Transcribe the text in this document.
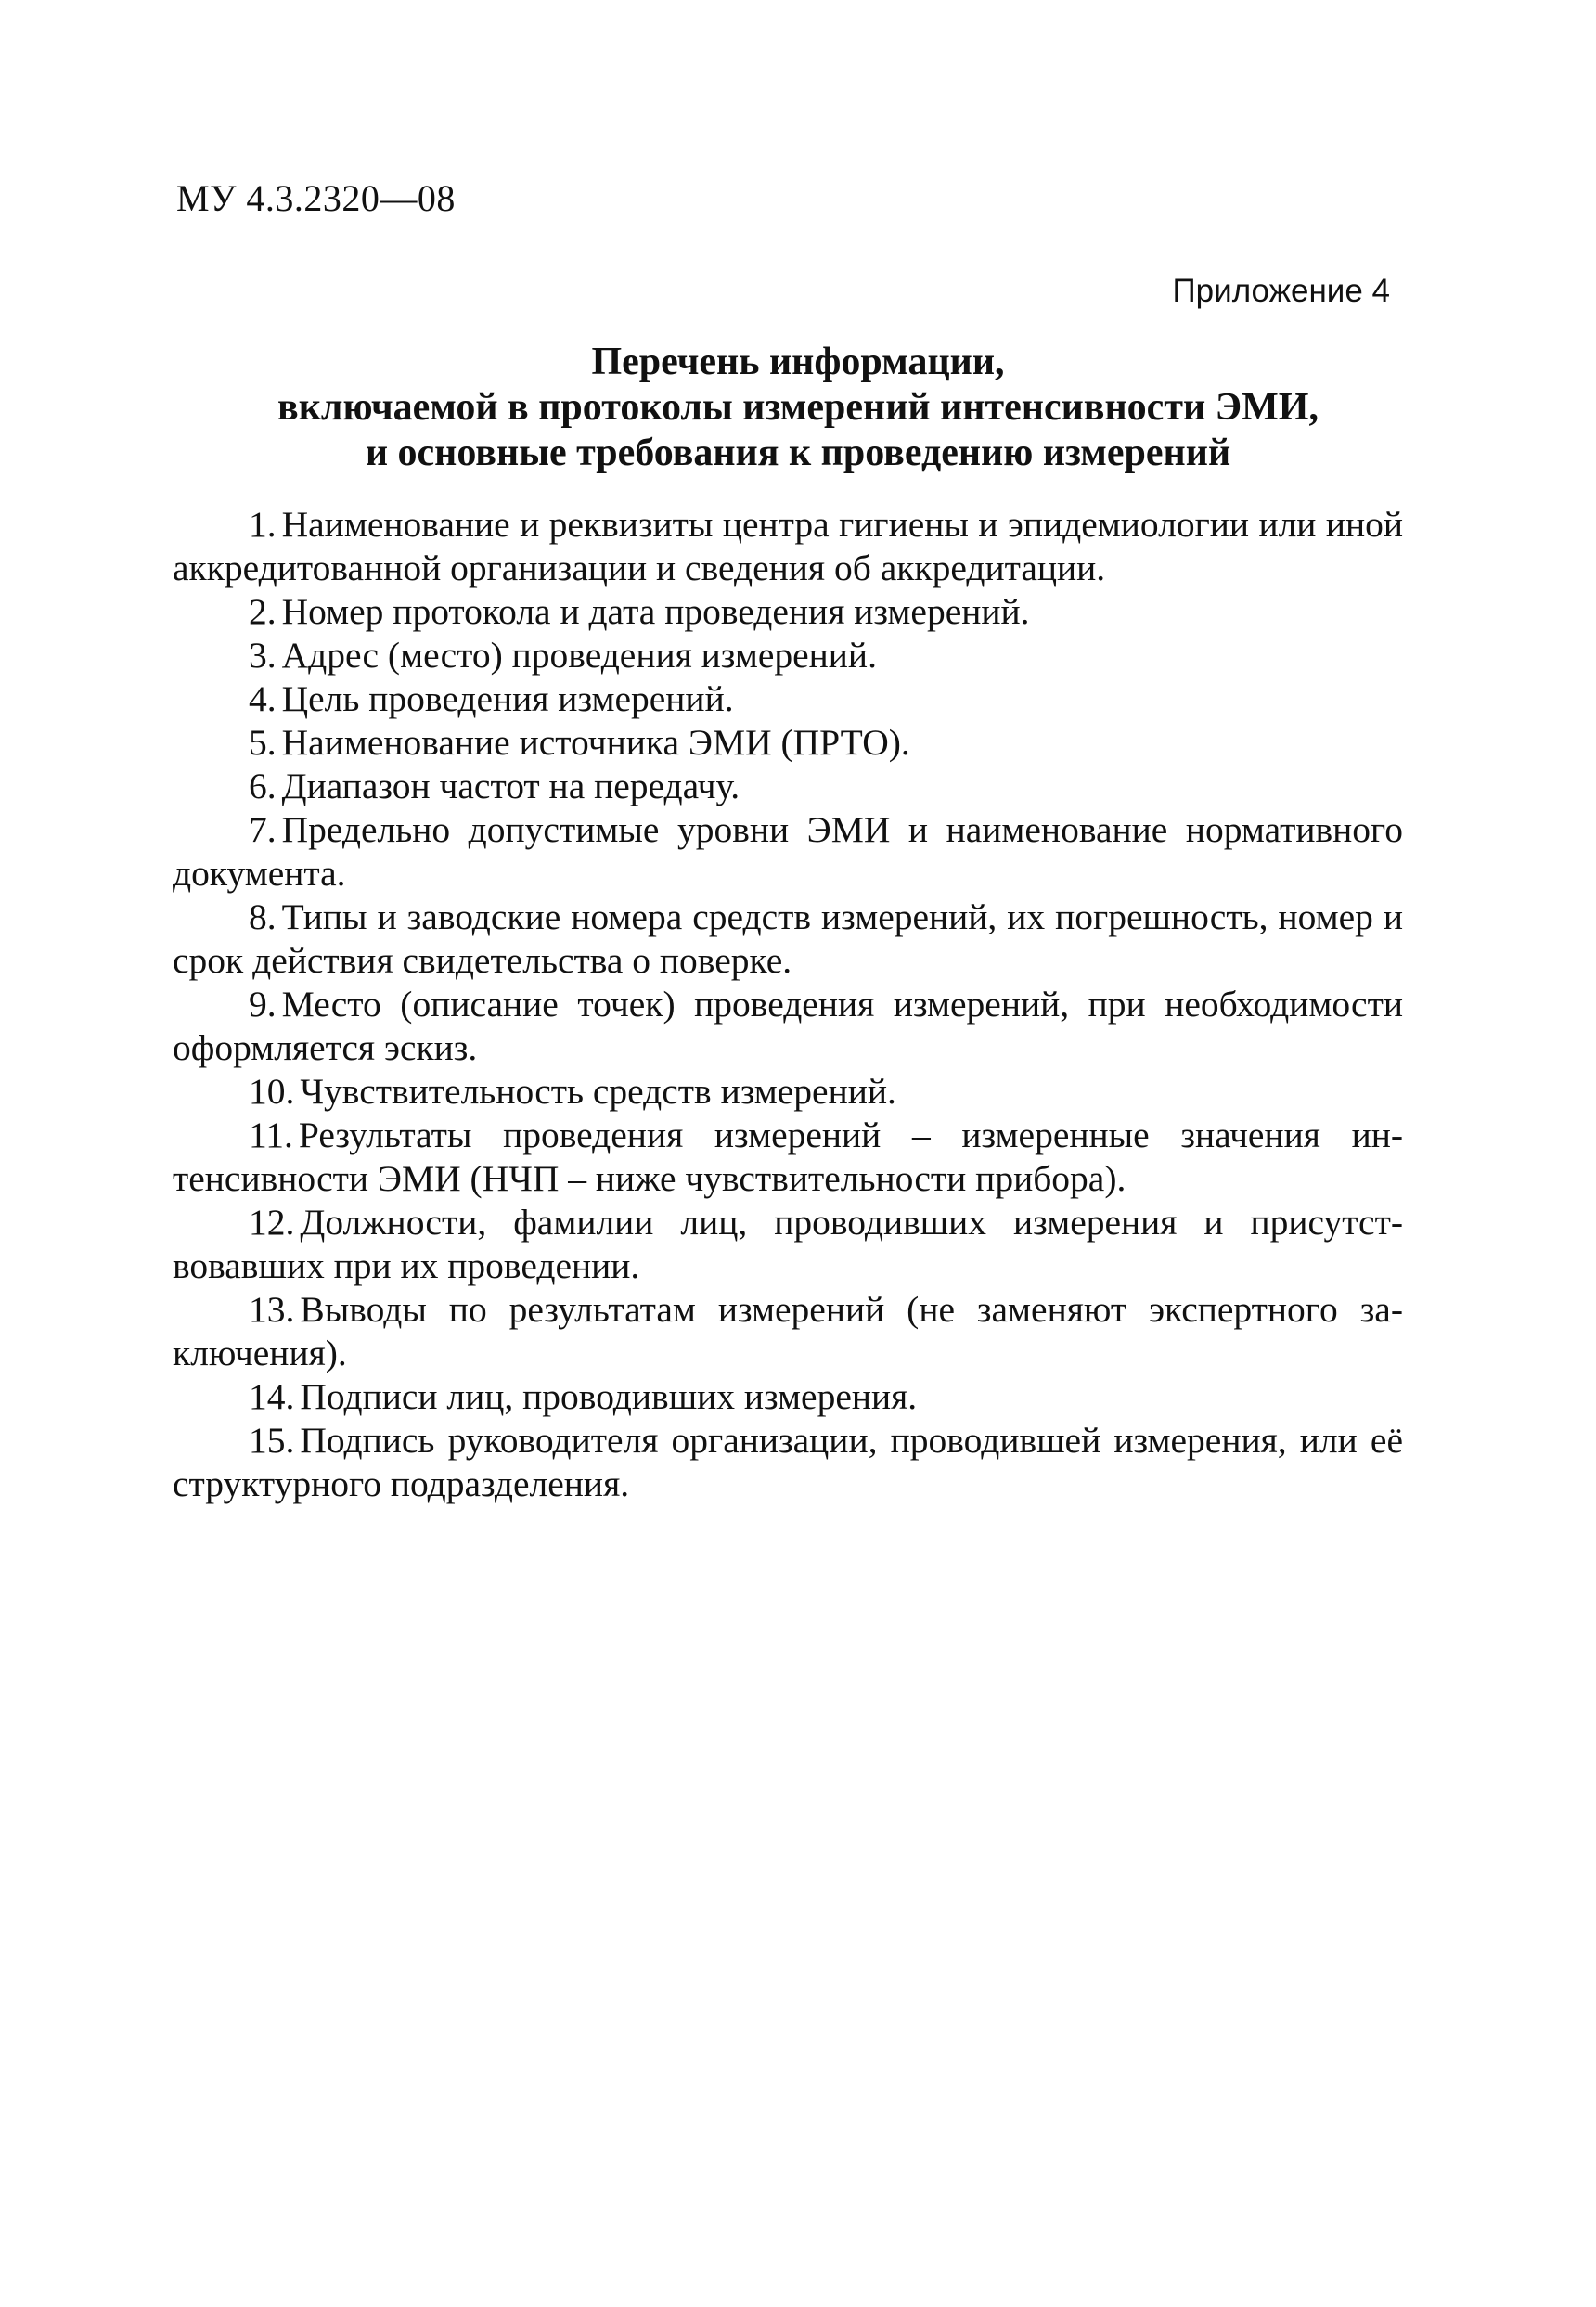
МУ 4.3.2320—08
Приложение 4
Перечень информации,
включаемой в протоколы измерений интенсивности ЭМИ,
и основные требования к проведению измерений
1. Наименование и реквизиты центра гигиены и эпидемиологии или иной аккредитованной организации и сведения об аккредитации.
2. Номер протокола и дата проведения измерений.
3. Адрес (место) проведения измерений.
4. Цель проведения измерений.
5. Наименование источника ЭМИ (ПРТО).
6. Диапазон частот на передачу.
7. Предельно допустимые уровни ЭМИ и наименование нормативного документа.
8. Типы и заводские номера средств измерений, их погрешность, номер и срок действия свидетельства о поверке.
9. Место (описание точек) проведения измерений, при необходимости оформляется эскиз.
10. Чувствительность средств измерений.
11. Результаты проведения измерений – измеренные значения интенсивности ЭМИ (НЧП – ниже чувствительности прибора).
12. Должности, фамилии лиц, проводивших измерения и присутствовавших при их проведении.
13. Выводы по результатам измерений (не заменяют экспертного заключения).
14. Подписи лиц, проводивших измерения.
15. Подпись руководителя организации, проводившей измерения, или её структурного подразделения.
